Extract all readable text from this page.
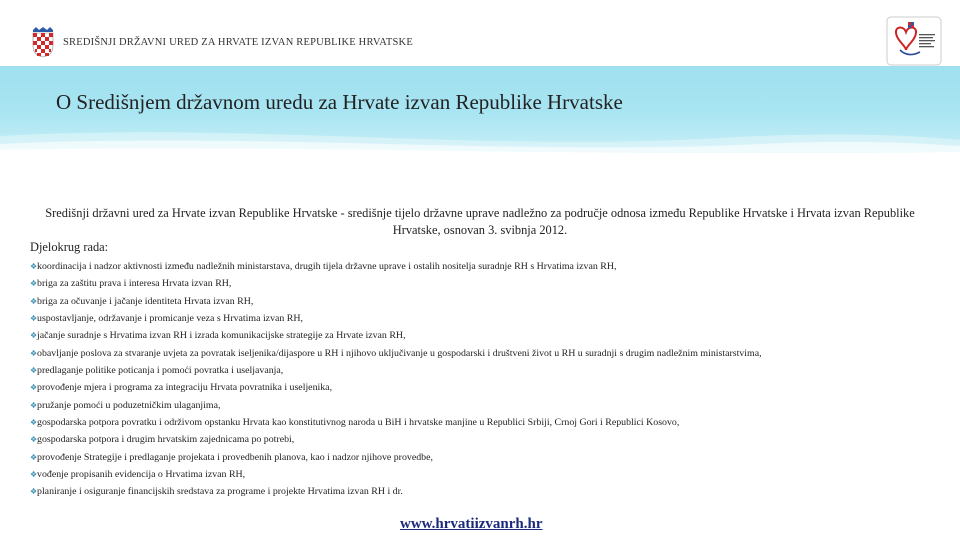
SREDIŠNJI DRŽAVNI URED ZA HRVATE IZVAN REPUBLIKE HRVATSKE
O Središnjem državnom uredu za Hrvate izvan Republike Hrvatske
Središnji državni ured za Hrvate izvan Republike Hrvatske - središnje tijelo državne uprave nadležno za područje odnosa između Republike Hrvatske i Hrvata izvan Republike Hrvatske, osnovan 3. svibnja 2012.
Djelokrug rada:
❖koordinacija i nadzor aktivnosti između nadležnih ministarstava, drugih tijela državne uprave i ostalih nositelja suradnje RH s Hrvatima izvan RH,
❖briga za zaštitu prava i interesa Hrvata izvan RH,
❖briga za očuvanje i jačanje identiteta Hrvata izvan RH,
❖uspostavljanje, održavanje i promicanje veza s Hrvatima izvan RH,
❖jačanje suradnje s Hrvatima izvan RH i izrada komunikacijske strategije za Hrvate izvan RH,
❖obavljanje poslova za stvaranje uvjeta za povratak iseljenika/dijaspore u RH i njihovo uključivanje u gospodarski i društveni život u RH u suradnji s drugim nadležnim ministarstvima,
❖predlaganje politike poticanja i pomoći povratka i useljavanja,
❖provođenje mjera i programa za integraciju Hrvata povratnika i useljenika,
❖pružanje pomoći u poduzetničkim ulaganjima,
❖gospodarska potpora povratku i održivom opstanku Hrvata kao konstitutivnog naroda u BiH i hrvatske manjine u Republici Srbiji, Crnoj Gori i Republici Kosovo,
❖gospodarska potpora i drugim hrvatskim zajednicama po potrebi,
❖provođenje Strategije i predlaganje projekata i provedbenih planova, kao i nadzor njihove provedbe,
❖vođenje propisanih evidencija o Hrvatima izvan RH,
❖planiranje i osiguranje financijskih sredstava za programe i projekte Hrvatima izvan RH i dr.
www.hrvatiizvanrh.hr
